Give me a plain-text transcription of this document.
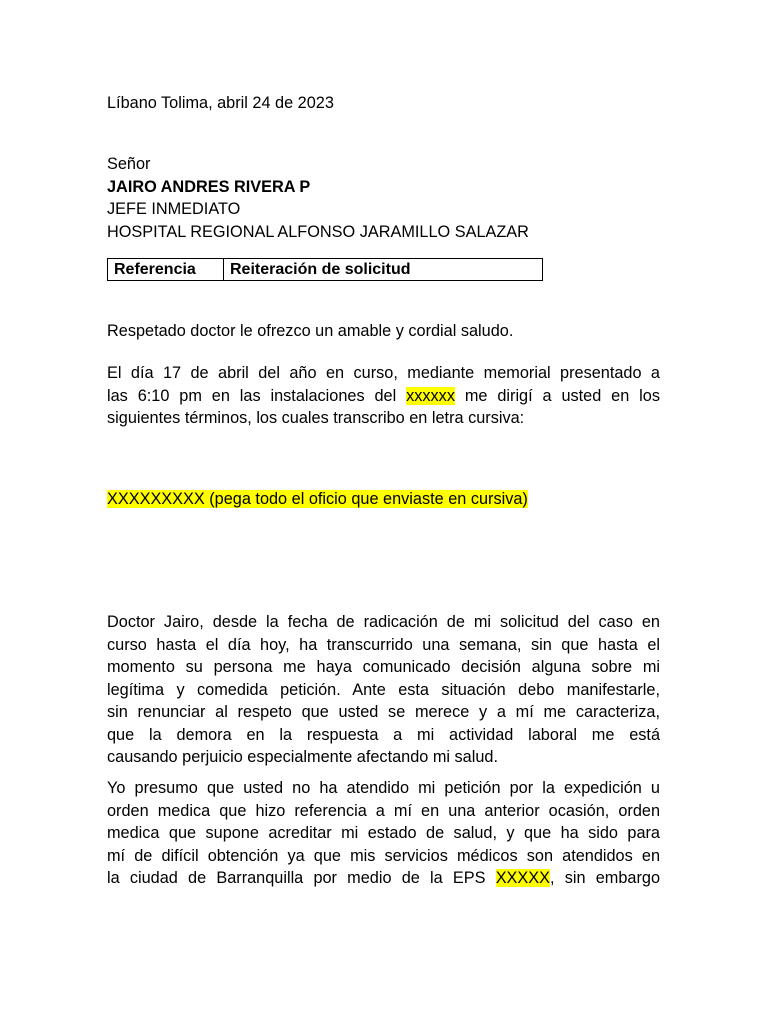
Líbano Tolima, abril 24 de 2023
Señor
JAIRO ANDRES RIVERA P
JEFE INMEDIATO
HOSPITAL REGIONAL ALFONSO JARAMILLO SALAZAR
Referencia	Reiteración de solicitud
Respetado doctor le ofrezco un amable y cordial saludo.
El día 17 de abril del año en curso, mediante memorial presentado a
las 6:10 pm en las instalaciones del xxxxxx me dirigí a usted en los
siguientes términos, los cuales transcribo en letra cursiva:
XXXXXXXXX (pega todo el oficio que enviaste en cursiva)
Doctor Jairo, desde la fecha de radicación de mi solicitud del caso en
curso hasta el día hoy, ha transcurrido una semana, sin que hasta el
momento su persona me haya comunicado decisión alguna sobre mi
legítima y comedida petición. Ante esta situación debo manifestarle,
sin renunciar al respeto que usted se merece y a mí me caracteriza,
que la demora en la respuesta a mi actividad laboral me está
causando perjuicio especialmente afectando mi salud.
Yo presumo que usted no ha atendido mi petición por la expedición u
orden medica que hizo referencia a mí en una anterior ocasión, orden
medica que supone acreditar mi estado de salud, y que ha sido para
mí de difícil obtención ya que mis servicios médicos son atendidos en
la ciudad de Barranquilla por medio de la EPS XXXXX, sin embargo
